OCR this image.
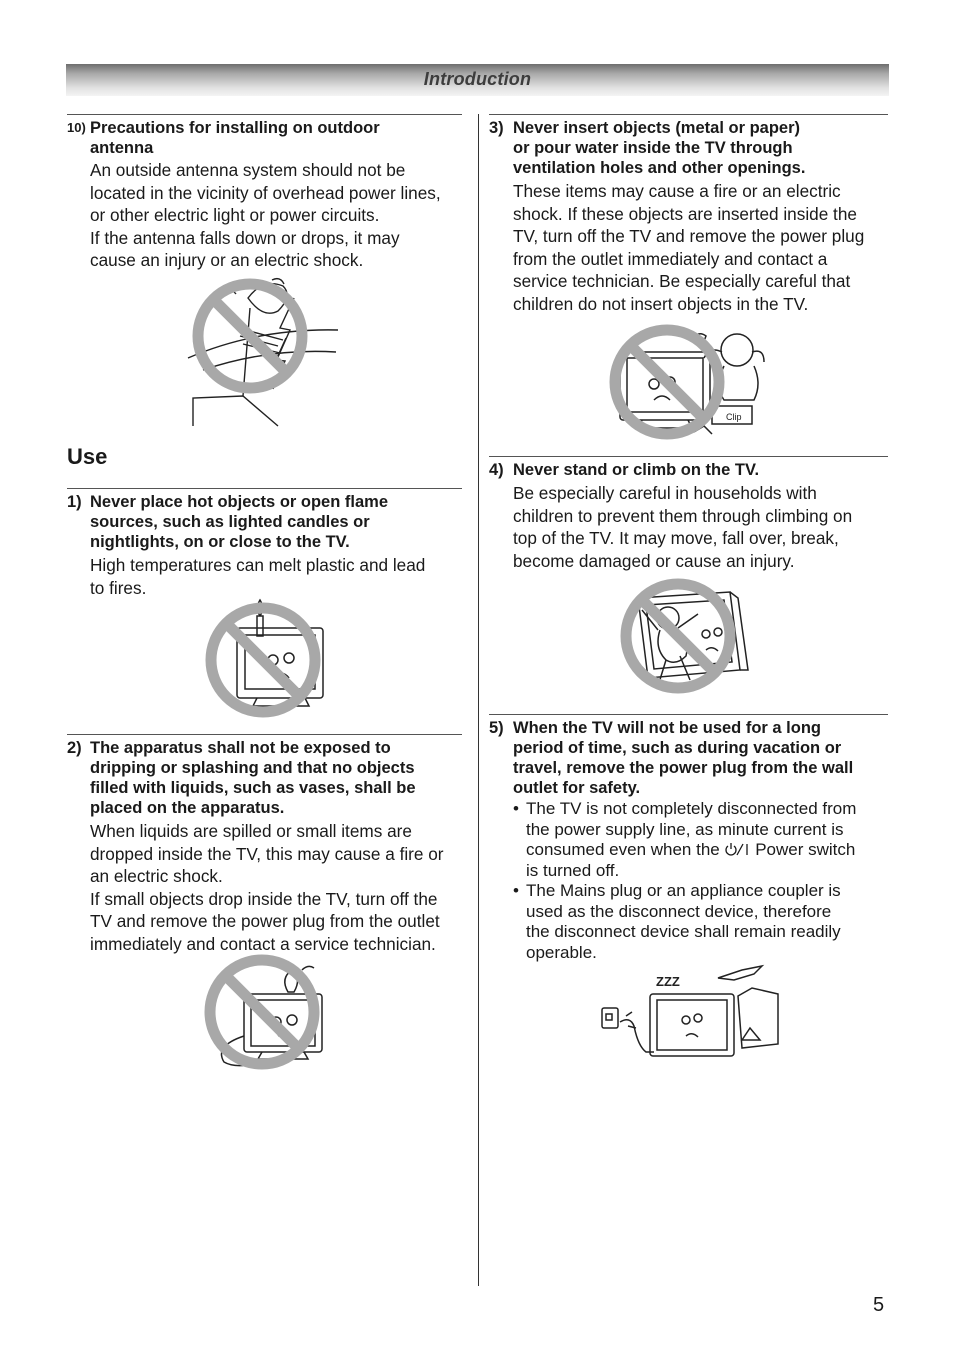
Introduction
10) Precautions for installing on outdoor
antenna
An outside antenna system should not be
located in the vicinity of overhead power lines,
or other electric light or power circuits.
If the antenna falls down or drops, it may
cause an injury or an electric shock.
Use
1) Never place hot objects or open flame
sources, such as lighted candles or
nightlights, on or close to the TV.
High temperatures can melt plastic and lead
to fires.
2) The apparatus shall not be exposed to
dripping or splashing and that no objects
filled with liquids, such as vases, shall be
placed on the apparatus.
When liquids are spilled or small items are
dropped inside the TV, this may cause a fire or
an electric shock.
If small objects drop inside the TV, turn off the
TV and remove the power plug from the outlet
immediately and contact a service technician.
3) Never insert objects (metal or paper)
or pour water inside the TV through
ventilation holes and other openings.
These items may cause a fire or an electric
shock. If these objects are inserted inside the
TV, turn off the TV and remove the power plug
from the outlet immediately and contact a
service technician. Be especially careful that
children do not insert objects in the TV.
Clip
4) Never stand or climb on the TV.
Be especially careful in households with
children to prevent them through climbing on
top of the TV. It may move, fall over, break,
become damaged or cause an injury.
5) When the TV will not be used for a long
period of time, such as during vacation or
travel, remove the power plug from the wall
outlet for safety.
• The TV is not completely disconnected from
the power supply line, as minute current is
consumed even when the  Power switch
is turned off.
• The Mains plug or an appliance coupler is
used as the disconnect device, therefore
the disconnect device shall remain readily
operable.
ZZZ
5
